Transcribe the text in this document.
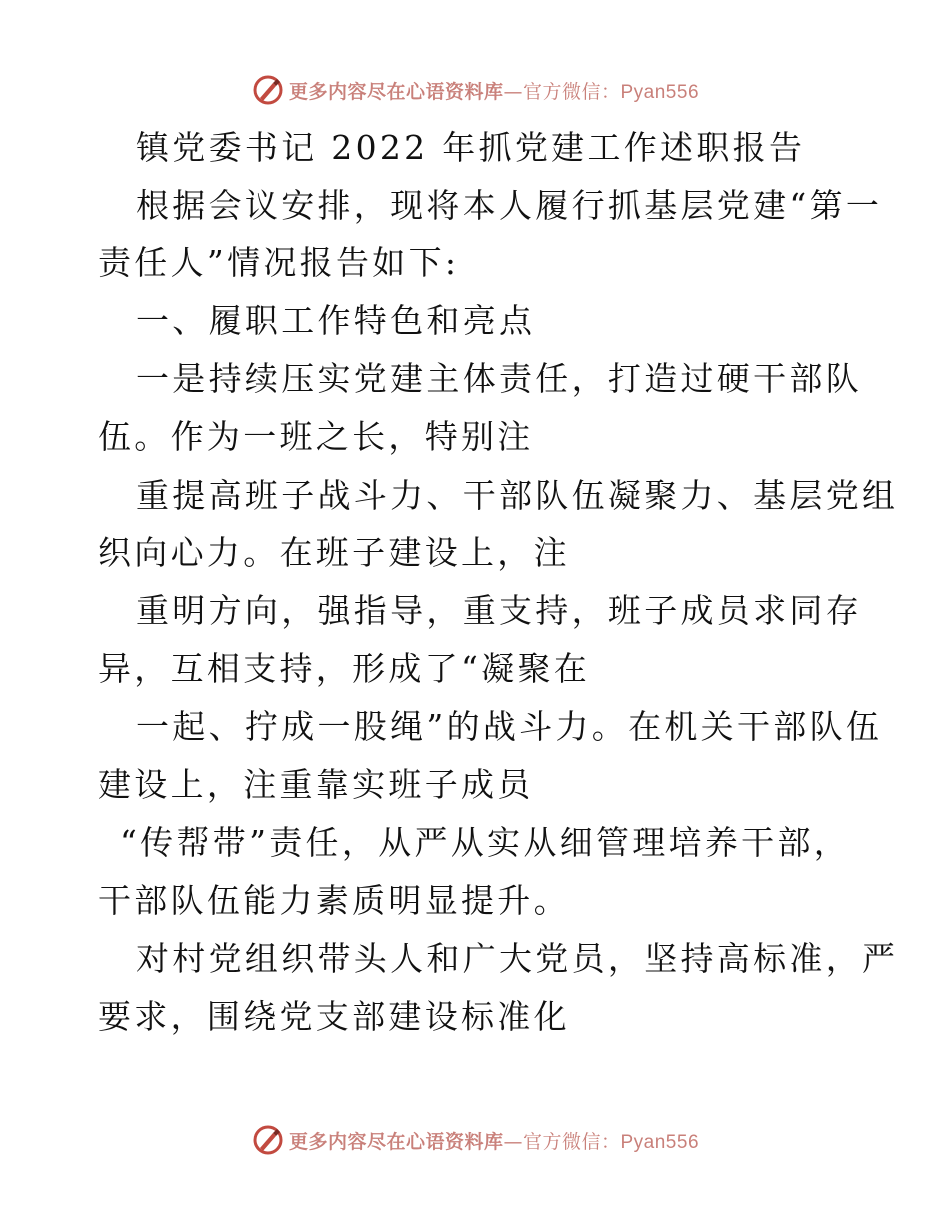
更多内容尽在心语资料库—官方微信：Pyan556
镇党委书记 2022 年抓党建工作述职报告
根据会议安排，现将本人履行抓基层党建“第一
责任人”情况报告如下:
一、履职工作特色和亮点
一是持续压实党建主体责任，打造过硬干部队
伍。作为一班之长，特别注
重提高班子战斗力、干部队伍凝聚力、基层党组
织向心力。在班子建设上，注
重明方向，强指导，重支持，班子成员求同存
异，互相支持，形成了“凝聚在
一起、拧成一股绳”的战斗力。在机关干部队伍
建设上，注重靠实班子成员
“传帮带”责任，从严从实从细管理培养干部，
干部队伍能力素质明显提升。
对村党组织带头人和广大党员，坚持高标准，严
要求，围绕党支部建设标准化
更多内容尽在心语资料库—官方微信：Pyan556
